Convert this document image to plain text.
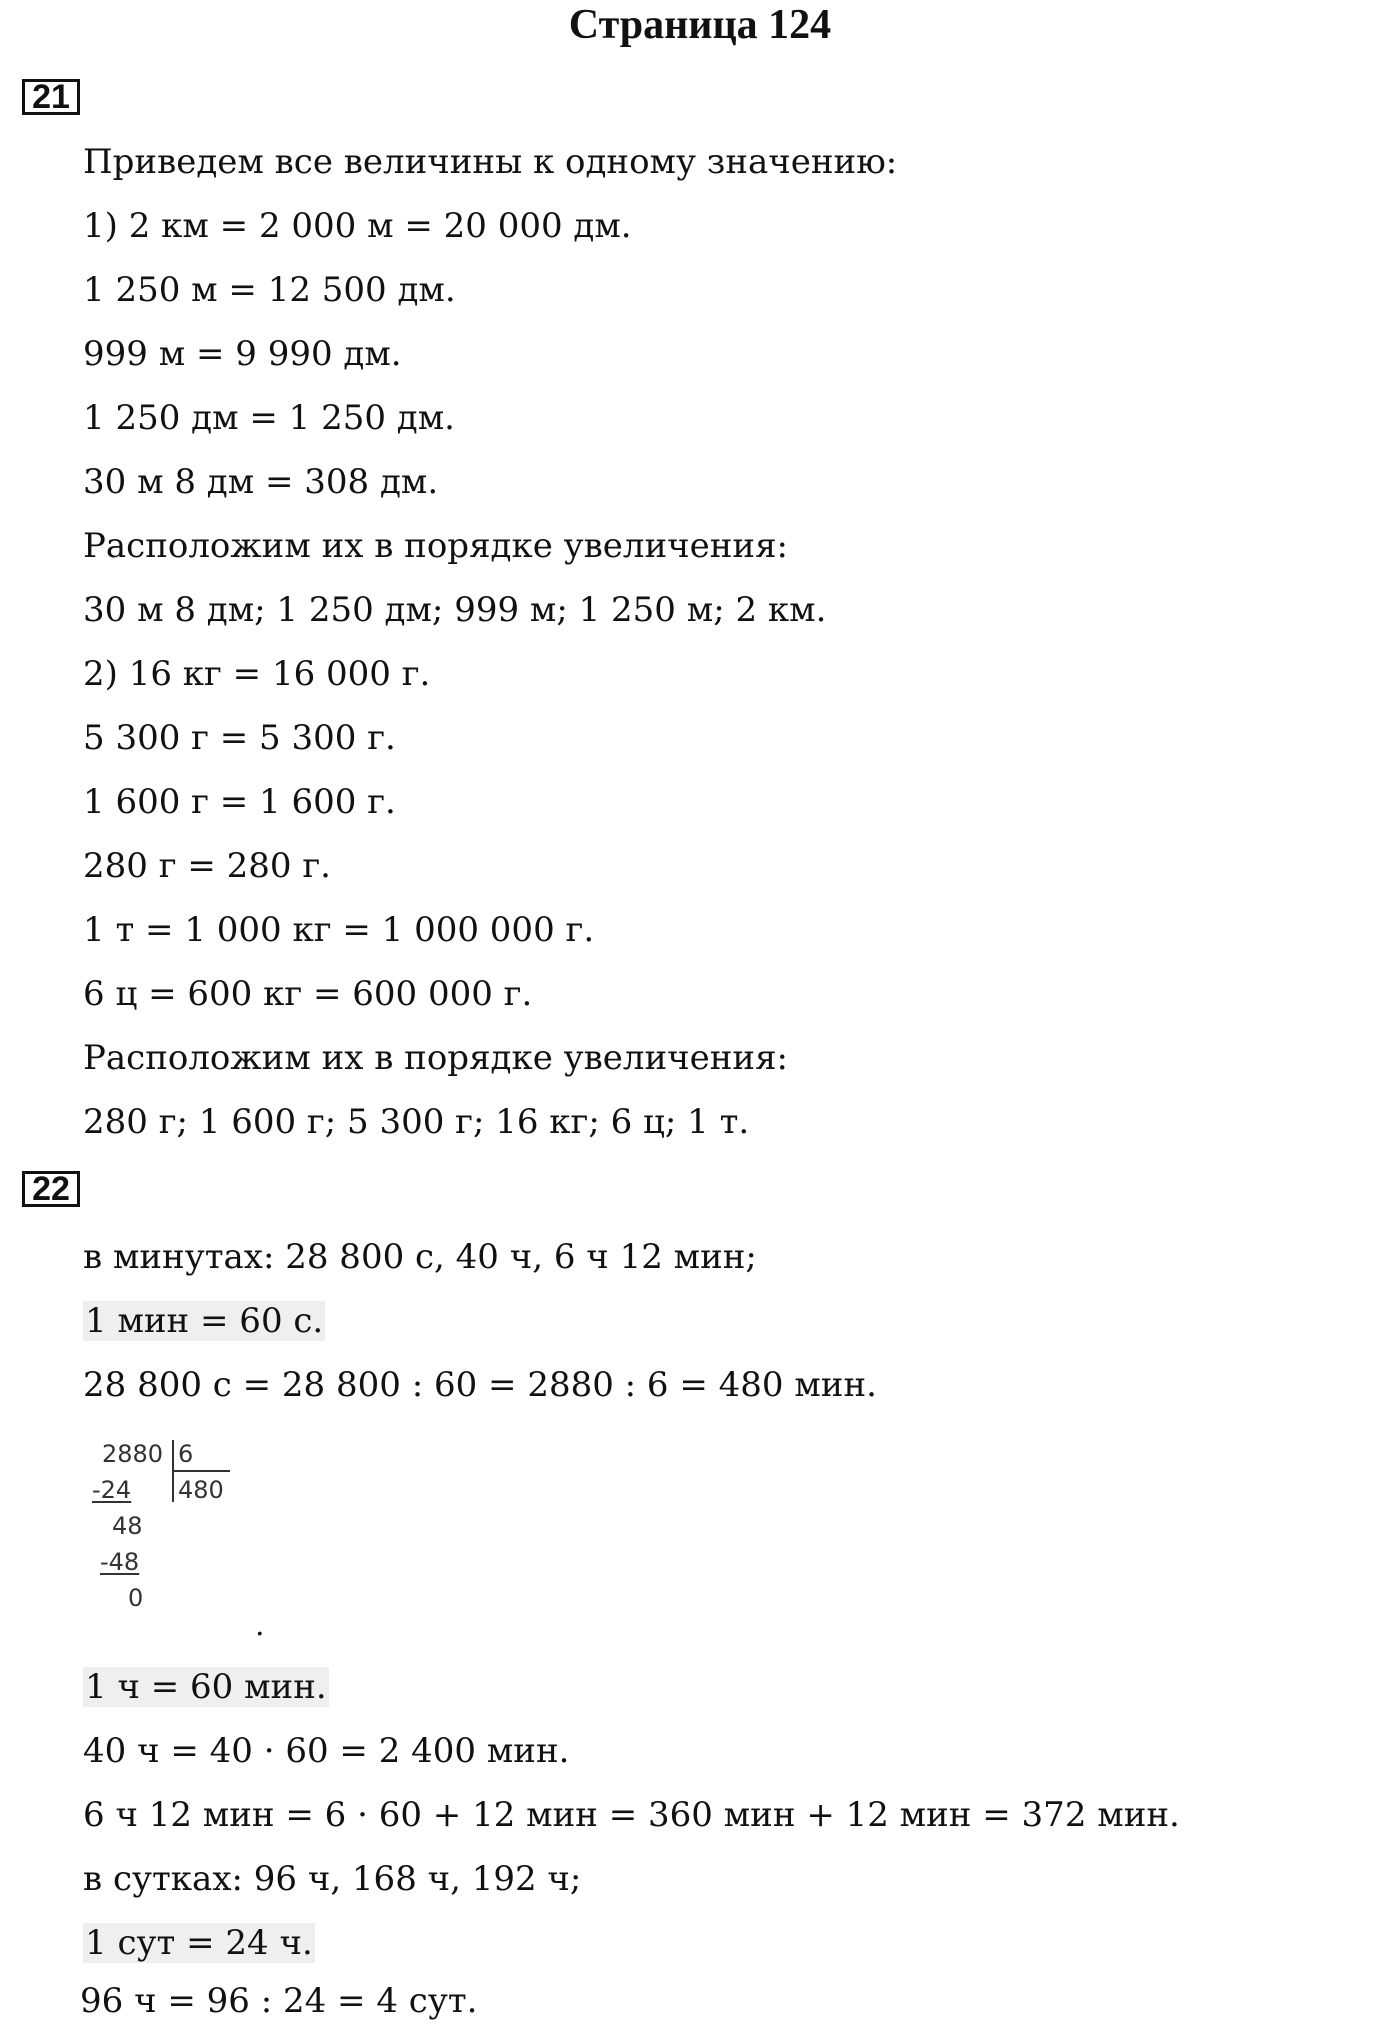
Страница 124
21
Приведем все величины к одному значению:
1) 2 км = 2 000 м = 20 000 дм.
1 250 м = 12 500 дм.
999 м = 9 990 дм.
1 250 дм = 1 250 дм.
30 м 8 дм = 308 дм.
Расположим их в порядке увеличения:
30 м 8 дм; 1 250 дм; 999 м; 1 250 м; 2 км.
2) 16 кг = 16 000 г.
5 300 г = 5 300 г.
1 600 г = 1 600 г.
280 г = 280 г.
1 т = 1 000 кг = 1 000 000 г.
6 ц = 600 кг = 600 000 г.
Расположим их в порядке увеличения:
280 г; 1 600 г; 5 300 г; 16 кг; 6 ц; 1 т.
22
в минутах: 28 800 с, 40 ч, 6 ч 12 мин;
1 мин = 60 с.
28 800 с = 28 800 : 60 = 2880 : 6 = 480 мин.
2880 6
-24 480
48
-48
0
.
1 ч = 60 мин.
40 ч = 40 · 60 = 2 400 мин.
6 ч 12 мин = 6 · 60 + 12 мин = 360 мин + 12 мин = 372 мин.
в сутках: 96 ч, 168 ч, 192 ч;
1 сут = 24 ч.
96 ч = 96 : 24 = 4 сут.
